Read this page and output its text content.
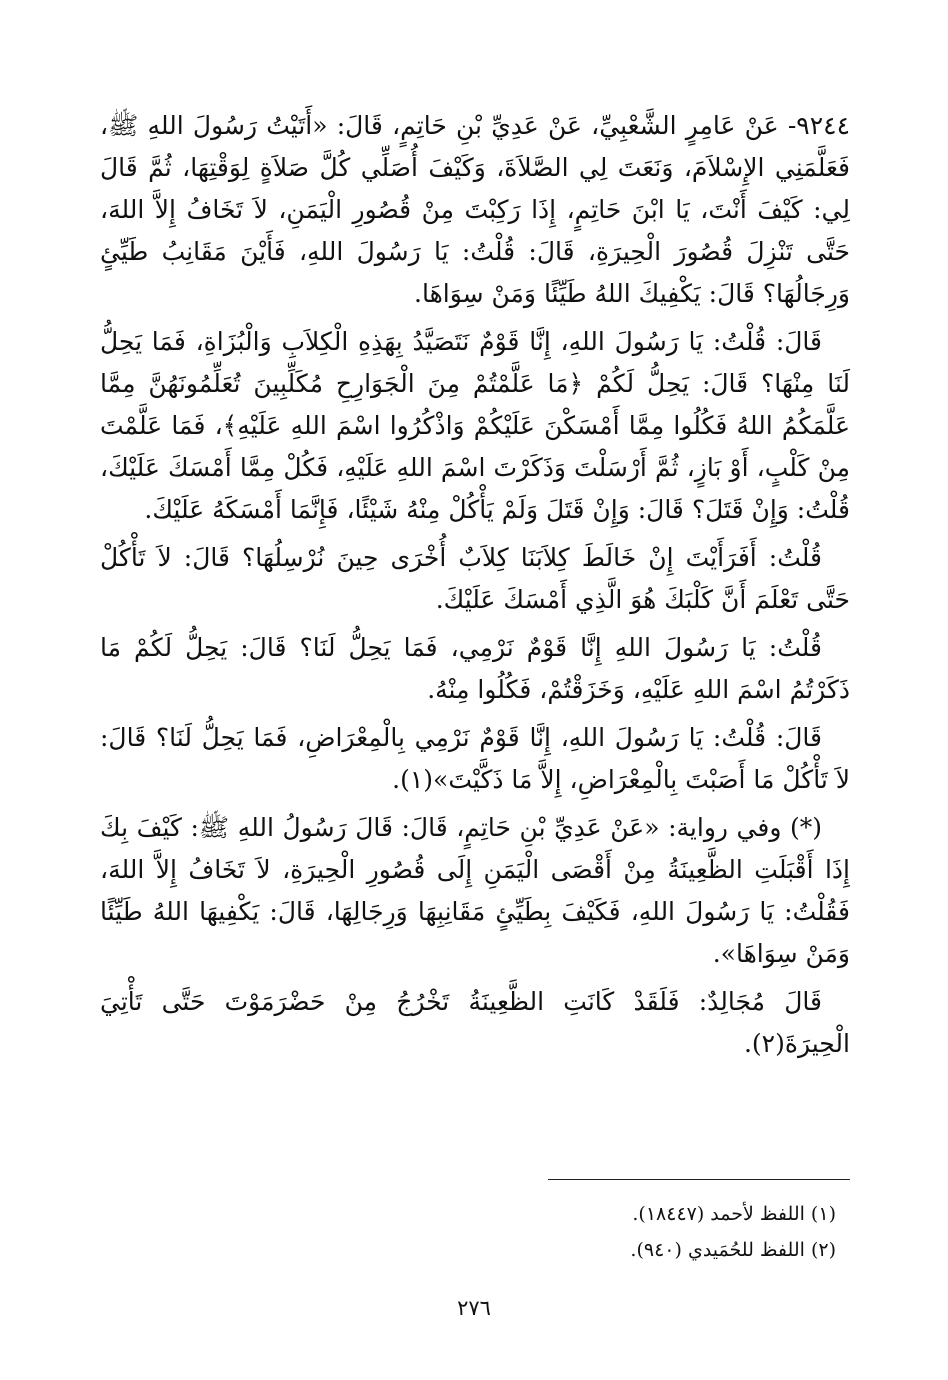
٩٢٤٤- عَنْ عَامِرٍ الشَّعْبِيِّ، عَنْ عَدِيِّ بْنِ حَاتِمٍ، قَالَ: «أَتَيْتُ رَسُولَ اللهِ ﷺ، فَعَلَّمَنِي الإِسْلاَمَ، وَنَعَتَ لِي الصَّلاَةَ، وَكَيْفَ أُصَلِّي كُلَّ صَلاَةٍ لِوَقْتِهَا، ثُمَّ قَالَ لِي: كَيْفَ أَنْتَ، يَا ابْنَ حَاتِمٍ، إِذَا رَكِبْتَ مِنْ قُصُورِ الْيَمَنِ، لاَ تَخَافُ إِلاَّ اللهَ، حَتَّى تَنْزِلَ قُصُورَ الْحِيرَةِ، قَالَ: قُلْتُ: يَا رَسُولَ اللهِ، فَأَيْنَ مَقَانِبُ طَيِّئٍ وَرِجَالُهَا؟ قَالَ: يَكْفِيكَ اللهُ طَيِّئًا وَمَنْ سِوَاهَا.

قَالَ: قُلْتُ: يَا رَسُولَ اللهِ، إِنَّا قَوْمٌ نَتَصَيَّدُ بِهَذِهِ الْكِلاَبِ وَالْبُزَاةِ، فَمَا يَحِلُّ لَنَا مِنْهَا؟ قَالَ: يَحِلُّ لَكُمْ ﴿مَا عَلَّمْتُمْ مِنَ الْجَوَارِحِ مُكَلِّبِينَ تُعَلِّمُونَهُنَّ مِمَّا عَلَّمَكُمُ اللهُ فَكُلُوا مِمَّا أَمْسَكْنَ عَلَيْكُمْ وَاذْكُرُوا اسْمَ اللهِ عَلَيْهِ﴾، فَمَا عَلَّمْتَ مِنْ كَلْبٍ، أَوْ بَازٍ، ثُمَّ أَرْسَلْتَ وَذَكَرْتَ اسْمَ اللهِ عَلَيْهِ، فَكُلْ مِمَّا أَمْسَكَ عَلَيْكَ، قُلْتُ: وَإِنْ قَتَلَ؟ قَالَ: وَإِنْ قَتَلَ وَلَمْ يَأْكُلْ مِنْهُ شَيْئًا، فَإِنَّمَا أَمْسَكَهُ عَلَيْكَ.

قُلْتُ: أَفَرَأَيْتَ إِنْ خَالَطَ كِلاَبَنَا كِلاَبٌ أُخْرَى حِينَ نُرْسِلُهَا؟ قَالَ: لاَ تَأْكُلْ حَتَّى تَعْلَمَ أَنَّ كَلْبَكَ هُوَ الَّذِي أَمْسَكَ عَلَيْكَ.

قُلْتُ: يَا رَسُولَ اللهِ إِنَّا قَوْمٌ نَرْمِي، فَمَا يَحِلُّ لَنَا؟ قَالَ: يَحِلُّ لَكُمْ مَا ذَكَرْتُمُ اسْمَ اللهِ عَلَيْهِ، وَخَزَقْتُمْ، فَكُلُوا مِنْهُ.

قَالَ: قُلْتُ: يَا رَسُولَ اللهِ، إِنَّا قَوْمٌ نَرْمِي بِالْمِعْرَاضِ، فَمَا يَحِلُّ لَنَا؟ قَالَ: لاَ تَأْكُلْ مَا أَصَبْتَ بِالْمِعْرَاضِ، إِلاَّ مَا ذَكَّيْتَ»(١).

(*) وفي رواية: «عَنْ عَدِيِّ بْنِ حَاتِمٍ، قَالَ: قَالَ رَسُولُ اللهِ ﷺ: كَيْفَ بِكَ إِذَا أَقْبَلَتِ الظَّعِينَةُ مِنْ أَقْصَى الْيَمَنِ إِلَى قُصُورِ الْحِيرَةِ، لاَ تَخَافُ إِلاَّ اللهَ، فَقُلْتُ: يَا رَسُولَ اللهِ، فَكَيْفَ بِطَيِّئٍ مَقَانِبِهَا وَرِجَالِهَا، قَالَ: يَكْفِيهَا اللهُ طَيِّئًا وَمَنْ سِوَاهَا».

قَالَ مُجَالِدٌ: فَلَقَدْ كَانَتِ الظَّعِينَةُ تَخْرُجُ مِنْ حَضْرَمَوْتَ حَتَّى تَأْتِيَ الْحِيرَةَ(٢).

(١) اللفظ لأحمد (١٨٤٤٧).

(٢) اللفظ للحُمَيدي (٩٤٠).

٢٧٦
